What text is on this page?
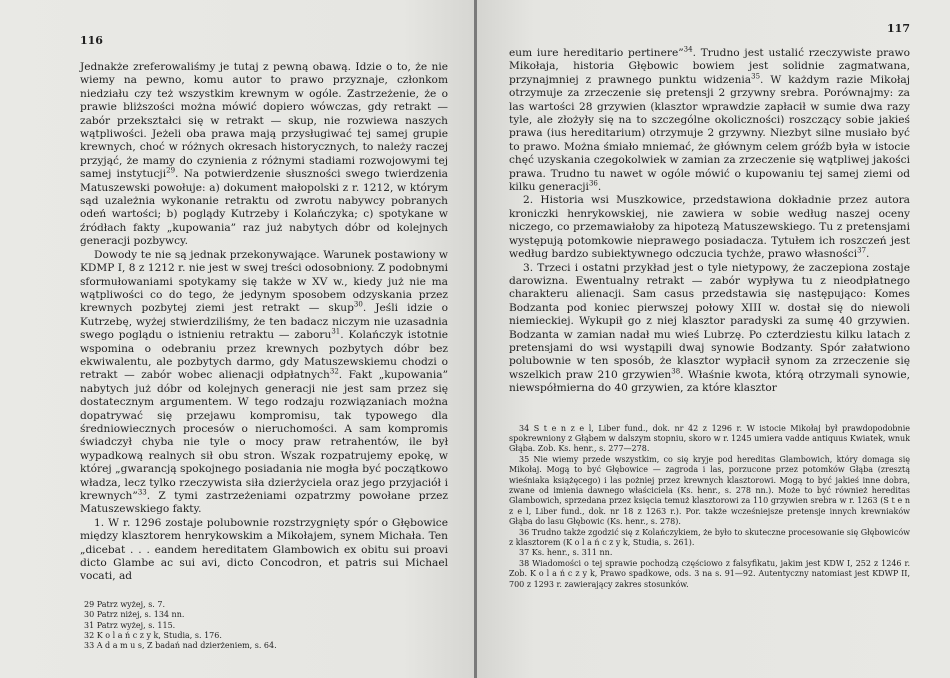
116

Jednakże zreferowaliśmy je tutaj z pewną obawą. Idzie o to, że nie wiemy na pewno, komu autor to prawo przyznaje, członkom niedziału czy też wszystkim krewnym w ogóle. Zastrzeżenie, że o prawie bliższości można mówić dopiero wówczas, gdy retrakt — zabór przekształci się w retrakt — skup, nie rozwiewa naszych wątpliwości. Jeżeli oba prawa mają przysługiwać tej samej grupie krewnych, choć w różnych okresach historycznych, to należy raczej przyjąć, że mamy do czynienia z różnymi stadiami rozwojowymi tej samej instytucji$^{29}$. Na potwierdzenie słuszności swego twierdzenia Matuszewski powołuje: a) dokument małopolski z r. 1212, w którym sąd uzależnia wykonanie retraktu od zwrotu nabywcy pobranych odeń wartości; b) poglądy Kutrzeby i Kolańczyka; c) spotykane w źródłach fakty „kupowania” raz już nabytych dóbr od kolejnych generacji pozbywcy.

Dowody te nie są jednak przekonywające. Warunek postawiony w KDMP I, 8 z 1212 r. nie jest w swej treści odosobniony. Z podobnymi sformułowaniami spotykamy się także w XV w., kiedy już nie ma wątpliwości co do tego, że jedynym sposobem odzyskania przez krewnych pozbytej ziemi jest retrakt — skup$^{30}$. Jeśli idzie o Kutrzebę, wyżej stwierdziliśmy, że ten badacz niczym nie uzasadnia swego poglądu o istnieniu retraktu — zaboru$^{31}$. Kolańczyk istotnie wspomina o odebraniu przez krewnych pozbytych dóbr bez ekwiwalentu, ale pozbytych darmo, gdy Matuszewskiemu chodzi o retrakt — zabór wobec alienacji odpłatnych$^{32}$. Fakt „kupowania” nabytych już dóbr od kolejnych generacji nie jest sam przez się dostatecznym argumentem. W tego rodzaju rozwiązaniach można dopatrywać się przejawu kompromisu, tak typowego dla średniowiecznych procesów o nieruchomości. A sam kompromis świadczył chyba nie tyle o mocy praw retrahentów, ile był wypadkową realnych sił obu stron. Wszak rozpatrujemy epokę, w której „gwarancją spokojnego posiadania nie mogła być początkowo władza, lecz tylko rzeczywista siła dzierżyciela oraz jego przyjaciół i krewnych”$^{33}$. Z tymi zastrzeżeniami ozpatrzmy powołane przez Matuszewskiego fakty.

1. W r. 1296 zostaje polubownie rozstrzygnięty spór o Głębowice między klasztorem henrykowskim a Mikołajem, synem Michała. Ten „dicebat . . . eandem hereditatem Glambowich ex obitu sui proavi dicto Glambe ac sui avi, dicto Concodron, et patris sui Michael vocati, ad

29 Patrz wyżej, s. 7.
30 Patrz niżej, s. 134 nn.
31 Patrz wyżej, s. 115.
32 K o l a ń c z y k, Studia, s. 176.
33 A d a m u s, Z badań nad dzierżeniem, s. 64.
117

eum iure hereditario pertinere”$^{34}$. Trudno jest ustalić rzeczywiste prawo Mikołaja, historia Głębowic bowiem jest solidnie zagmatwana, przynajmniej z prawnego punktu widzenia$^{35}$. W każdym razie Mikołaj otrzymuje za zrzeczenie się pretensji 2 grzywny srebra. Porównajmy: za las wartości 28 grzywien (klasztor wprawdzie zapłacił w sumie dwa razy tyle, ale złożyły się na to szczególne okoliczności) roszczący sobie jakieś prawa (ius hereditarium) otrzymuje 2 grzywny. Niezbyt silne musiało być to prawo. Można śmiało mniemać, że głównym celem gróźb była w istocie chęć uzyskania czegokolwiek w zamian za zrzeczenie się wątpliwej jakości prawa. Trudno tu nawet w ogóle mówić o kupowaniu tej samej ziemi od kilku generacji$^{36}$.

2. Historia wsi Muszkowice, przedstawiona dokładnie przez autora kroniczki henrykowskiej, nie zawiera w sobie według naszej oceny niczego, co przemawiałoby za hipotezą Matuszewskiego. Tu z pretensjami występują potomkowie nieprawego posiadacza. Tytułem ich roszczeń jest według bardzo subiektywnego odczucia tychże, prawo własności$^{37}$.

3. Trzeci i ostatni przykład jest o tyle nietypowy, że zaczepiona zostaje darowizna. Ewentualny retrakt — zabór wypływa tu z nieodpłatnego charakteru alienacji. Sam casus przedstawia się następująco: Komes Bodzanta pod koniec pierwszej połowy XIII w. dostał się do niewoli niemieckiej. Wykupił go z niej klasztor paradyski za sumę 40 grzywien. Bodzanta w zamian nadał mu wieś Lubrzę. Po czterdziestu kilku latach z pretensjami do wsi wystąpili dwaj synowie Bodzanty. Spór załatwiono polubownie w ten sposób, że klasztor wypłacił synom za zrzeczenie się wszelkich praw 210 grzywien$^{38}$. Właśnie kwota, którą otrzymali synowie, niewspółmierna do 40 grzywien, za które klasztor

34 S t e n z e l, Liber fund., dok. nr 42 z 1296 r. W istocie Mikołaj był prawdopodobnie spokrewniony z Głąbem w dalszym stopniu, skoro w r. 1245 umiera vadde antiquus Kwiatek, wnuk Głąba. Zob. Ks. henr., s. 277—278.
35 Nie wiemy przede wszystkim, co się kryje pod hereditas Glambowich, który domaga się Mikołaj. Mogą to być Głębowice — zagroda i las, porzucone przez potomków Głąba (zresztą wieśniaka książęcego) i las pożniej przez krewnych klasztorowi. Mogą to być jakieś inne dobra, zwane od imienia dawnego właściciela (Ks. henr., s. 278 nn.). Może to być również hereditas Glambowich, sprzedana przez księcia temuż klasztorowi za 110 grzywien srebra w r. 1263 (S t e n z e l, Liber fund., dok. nr 18 z 1263 r.). Por. także wcześniejsze pretensje innych krewniaków Głąba do lasu Głębowic (Ks. henr., s. 278).
36 Trudno także zgodzić się z Kolańczykiem, że było to skuteczne procesowanie się Głębowiców z klasztorem (K o l a ń c z y k, Studia, s. 261).
37 Ks. henr., s. 311 nn.
38 Wiadomości o tej sprawie pochodzą częściowo z falsyfikatu, jakim jest KDW I, 252 z 1246 r. Zob. K o l a ń c z y k, Prawo spadkowe, ods. 3 na s. 91—92. Autentyczny natomiast jest KDWP II, 700 z 1293 r. zawierający zakres stosunków.
